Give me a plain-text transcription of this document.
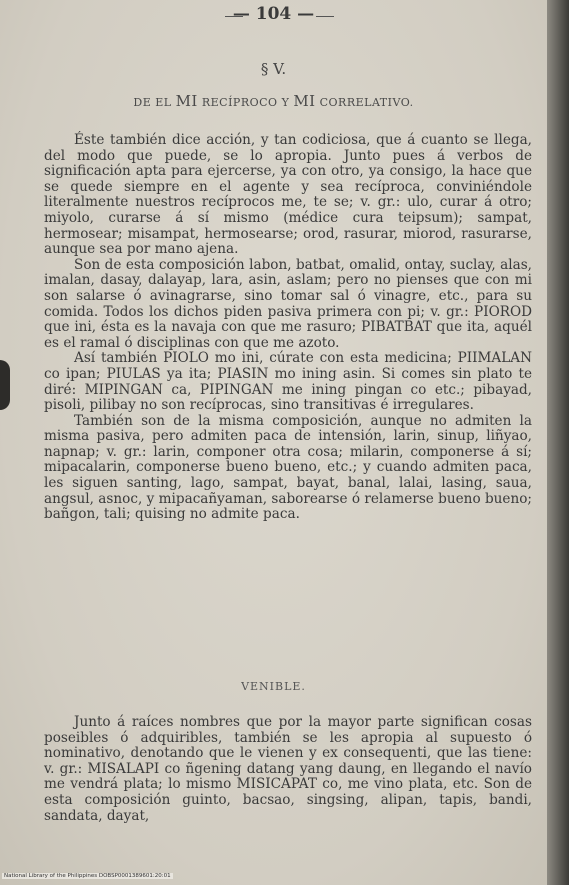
— 104 —
§ V.
DE EL MI RECÍPROCO Y MI CORRELATIVO.

Éste también dice acción, y tan codiciosa, que á cuanto se llega, del modo que puede, se lo apropia. Junto pues á verbos de significación apta para ejercerse, ya con otro, ya consigo, la hace que se quede siempre en el agente y sea recíproca, conviniéndole literalmente nuestros recíprocos me, te se; v. gr.: ulo, curar á otro; miyolo, curarse á sí mismo (médice cura teipsum); sampat, hermosear; misampat, hermosearse; orod, rasurar, miorod, rasurarse, aunque sea por mano ajena.

Son de esta composición labon, batbat, omalid, ontay, suclay, alas, imalan, dasay, dalayap, lara, asin, aslam; pero no pienses que con mi son salarse ó avinagrarse, sino tomar sal ó vinagre, etc., para su comida. Todos los dichos piden pasiva primera con pi; v. gr.: PIOROD que ini, ésta es la navaja con que me rasuro; PIBATBAT que ita, aquél es el ramal ó disciplinas con que me azoto.

Así también PIOLO mo ini, cúrate con esta medicina; PIIMALAN co ipan; PIULAS ya ita; PIASIN mo ining asin. Si comes sin plato te diré: MIPINGAN ca, PIPINGAN me ining pingan co etc.; pibayad, pisoli, pilibay no son recíprocas, sino transitivas é irregulares.

También son de la misma composición, aunque no admiten la misma pasiva, pero admiten paca de intensión, larin, sinup, liñyao, napnap; v. gr.: larin, componer otra cosa; milarin, componerse á sí; mipacalarin, componerse bueno bueno, etc.; y cuando admiten paca, les siguen santing, lago, sampat, bayat, banal, lalai, lasing, saua, angsul, asnoc, y mipacañyaman, saborearse ó relamerse bueno bueno; bañgon, tali; quising no admite paca.

VENIBLE.

Junto á raíces nombres que por la mayor parte significan cosas poseibles ó adquiribles, también se les apropia al supuesto ó nominativo, denotando que le vienen y ex consequenti, que las tiene: v. gr.: MISALAPI co ñgening datang yang daung, en llegando el navío me vendrá plata; lo mismo MISICAPAT co, me vino plata, etc. Son de esta composición guinto, bacsao, singsing, alipan, tapis, bandi, sandata, dayat,

National Library of the Philippines DOBSP0001389601:20:01
